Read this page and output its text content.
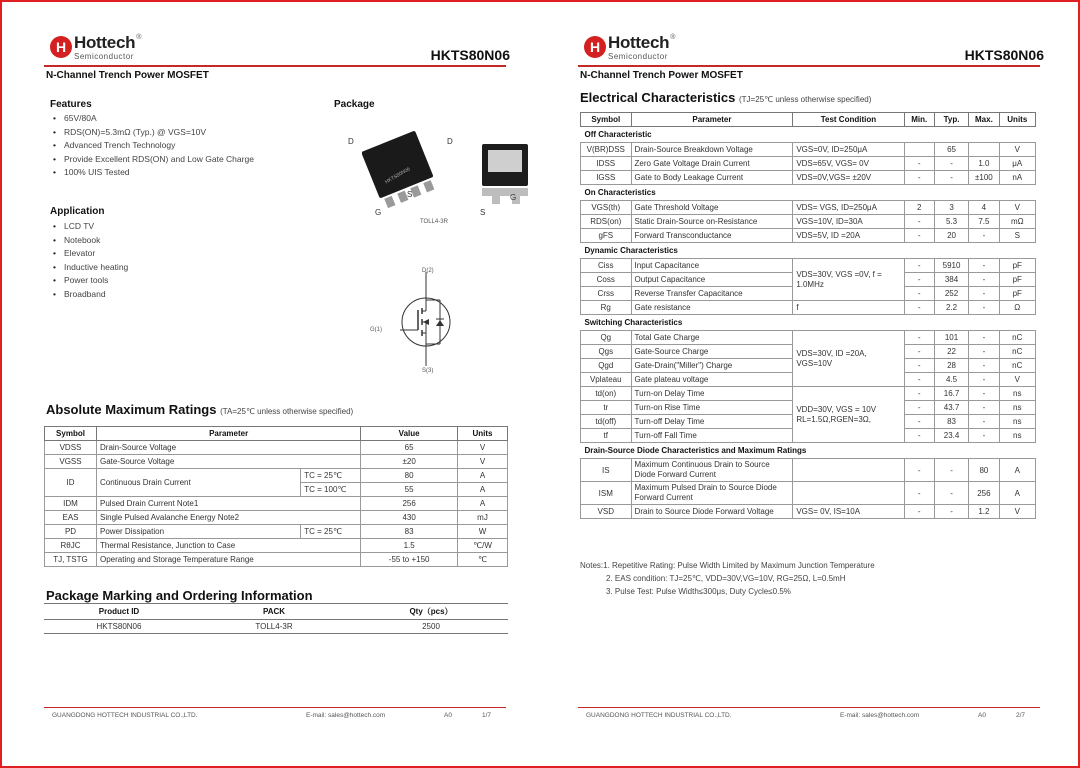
H Hottech
Semiconductor
®
HKTS80N06
N-Channel Trench Power MOSFET
Features
• 65V/80A
• RDS(ON)=5.3mΩ (Typ.) @ VGS=10V
• Advanced Trench Technology
• Provide Excellent RDS(ON) and Low Gate Charge
• 100% UIS Tested
Package
HKTS80N06
D
S
G
D
S
G
TOLL4-3R
D(2)
G(1)
S(3)
Application
• LCD TV
• Notebook
• Elevator
• Inductive heating
• Power tools
• Broadband
Absolute Maximum Ratings (TA=25℃ unless otherwise specified)
Symbol	Parameter		Value	Units
VDSS	Drain-Source Voltage		65	V
VGSS	Gate-Source Voltage		±20	V
ID	Continuous Drain Current	TC = 25℃	80	A
		TC = 100℃	55	A
IDM	Pulsed Drain Current Note1		256	A
EAS	Single Pulsed Avalanche Energy Note2		430	mJ
PD	Power Dissipation	TC = 25℃	83	W
RθJC	Thermal Resistance, Junction to Case		1.5	℃/W
TJ, TSTG	Operating and Storage Temperature Range		-55 to +150	℃
Package Marking and Ordering Information
Product ID	PACK	Qty（pcs）
HKTS80N06	TOLL4-3R	2500
GUANGDONG HOTTECH INDUSTRIAL CO.,LTD.	E-mail: sales@hottech.com	A0	1/7
H Hottech
Semiconductor
®
HKTS80N06
N-Channel Trench Power MOSFET
Electrical Characteristics (TJ=25℃ unless otherwise specified)
Symbol	Parameter	Test Condition	Min.	Typ.	Max.	Units
Off Characteristic						
V(BR)DSS	Drain-Source Breakdown Voltage	VGS=0V, ID=250μA		65		V
IDSS	Zero Gate Voltage Drain Current	VDS=65V, VGS= 0V	-	-	1.0	μA
IGSS	Gate to Body Leakage Current	VDS=0V,VGS= ±20V	-	-	±100	nA
On Characteristics						
VGS(th)	Gate Threshold Voltage	VDS= VGS, ID=250μA	2	3	4	V
RDS(on)	Static Drain-Source on-Resistance	VGS=10V, ID=30A	-	5.3	7.5	mΩ
gFS	Forward Transconductance	VDS=5V, ID =20A	-	20	-	S
Dynamic Characteristics						
Ciss	Input Capacitance	VDS=30V, VGS =0V, f = 1.0MHz	-	5910	-	pF
Coss	Output Capacitance		-	384	-	pF
Crss	Reverse Transfer Capacitance		-	252	-	pF
Rg	Gate resistance	f	-	2.2	-	Ω
Switching Characteristics						
Qg	Total Gate Charge	VDS=30V, ID =20A, VGS=10V	-	101	-	nC
Qgs	Gate-Source Charge		-	22	-	nC
Qgd	Gate-Drain("Miller") Charge		-	28	-	nC
Vplateau	Gate plateau voltage		-	4.5	-	V
td(on)	Turn-on Delay Time	VDD=30V, VGS = 10V RL=1.5Ω,RGEN=3Ω,	-	16.7	-	ns
tr	Turn-on Rise Time		-	43.7	-	ns
td(off)	Turn-off Delay Time		-	83	-	ns
tf	Turn-off Fall Time		-	23.4	-	ns
Drain-Source Diode Characteristics and Maximum Ratings						
IS	Maximum Continuous Drain to Source Diode Forward Current		-	-	80	A
ISM	Maximum Pulsed Drain to Source Diode Forward Current		-	-	256	A
VSD	Drain to Source Diode Forward Voltage	VGS= 0V, IS=10A	-	-	1.2	V
Notes:1. Repetitive Rating: Pulse Width Limited by Maximum Junction Temperature
2. EAS condition: TJ=25℃, VDD=30V,VG=10V, RG=25Ω, L=0.5mH
3. Pulse Test: Pulse Width≤300μs, Duty Cycle≤0.5%
GUANGDONG HOTTECH INDUSTRIAL CO.,LTD.	E-mail: sales@hottech.com	A0	2/7
